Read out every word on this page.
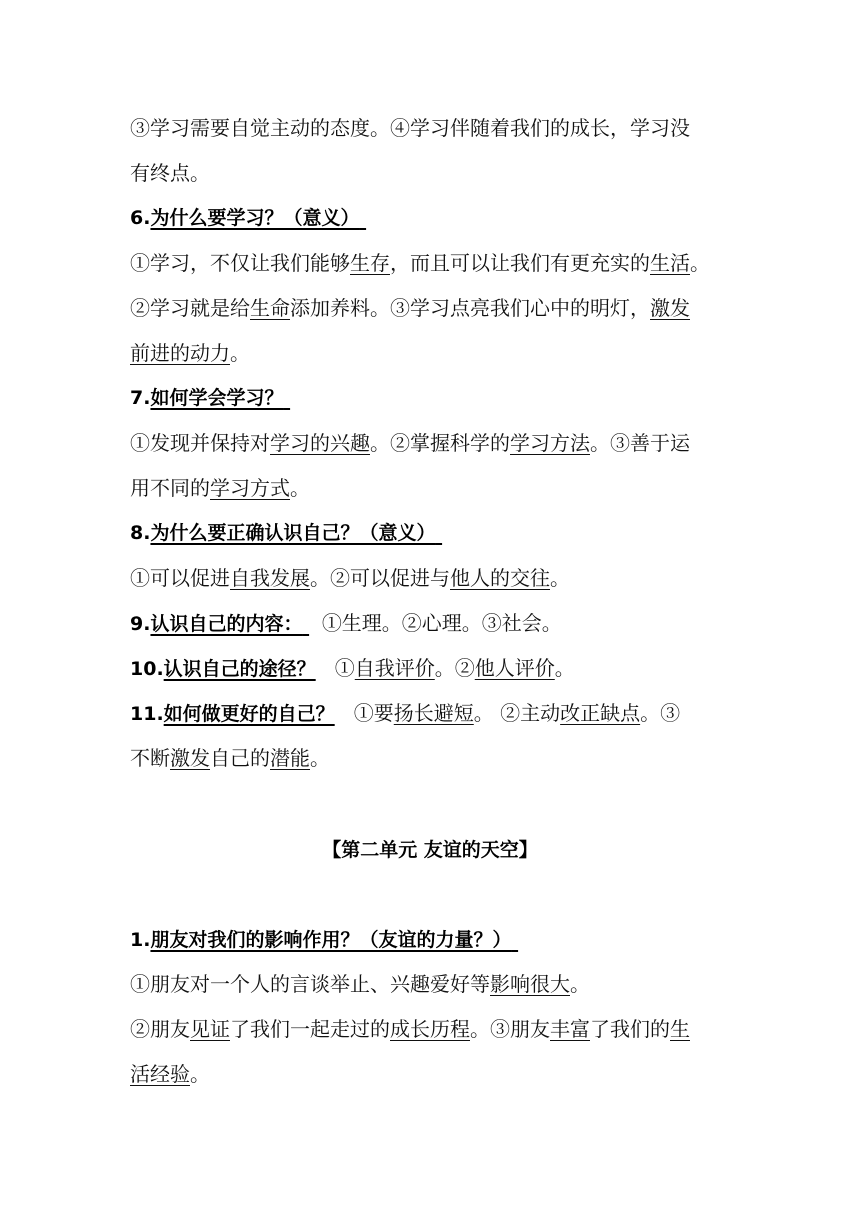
③学习需要自觉主动的态度。④学习伴随着我们的成长，学习没
有终点。
6.为什么要学习？（意义）
①学习，不仅让我们能够生存，而且可以让我们有更充实的生活。
②学习就是给生命添加养料。③学习点亮我们心中的明灯，激发
前进的动力。
7.如何学会学习？
①发现并保持对学习的兴趣。②掌握科学的学习方法。③善于运
用不同的学习方式。
8.为什么要正确认识自己？（意义）
①可以促进自我发展。②可以促进与他人的交往。
9.认识自己的内容： ①生理。②心理。③社会。
10.认识自己的途径？ ①自我评价。②他人评价。
11.如何做更好的自己？ ①要扬长避短。 ②主动改正缺点。③
不断激发自己的潜能。
【第二单元 友谊的天空】
1.朋友对我们的影响作用？（友谊的力量？）
①朋友对一个人的言谈举止、兴趣爱好等影响很大。
②朋友见证了我们一起走过的成长历程。③朋友丰富了我们的生
活经验。
